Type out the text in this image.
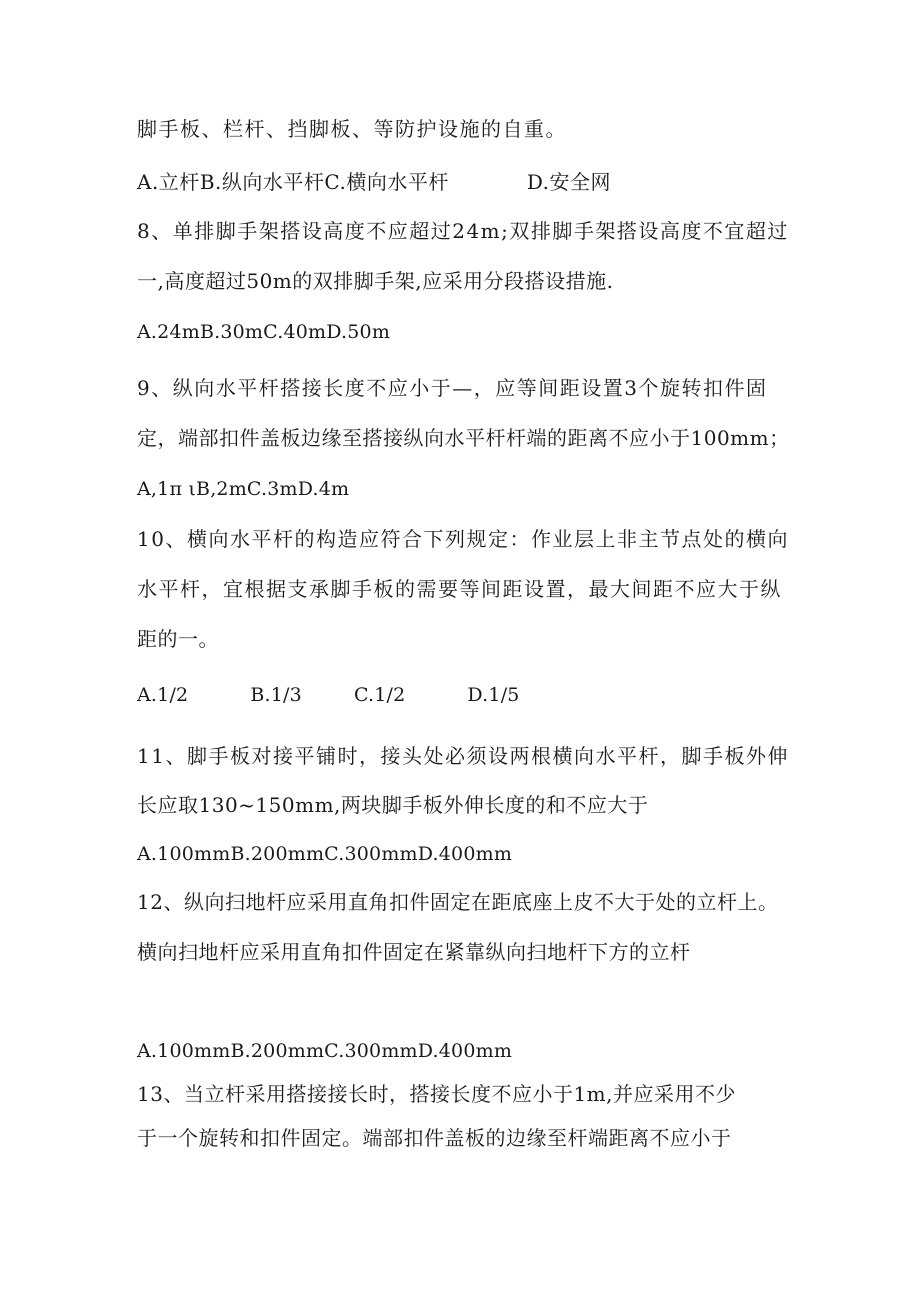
脚手板、栏杆、挡脚板、等防护设施的自重。
A.立杆B.纵向水平杆C.横向水平杆	D.安全网
8、单排脚手架搭设高度不应超过24m;双排脚手架搭设高度不宜超过
一,高度超过50m的双排脚手架,应采用分段搭设措施.
A.24mB.30mC.40mD.50m
9、纵向水平杆搭接长度不应小于—，应等间距设置3个旋转扣件固
定，端部扣件盖板边缘至搭接纵向水平杆杆端的距离不应小于100mm；
A,1π ιB,2mC.3mD.4m
10、横向水平杆的构造应符合下列规定：作业层上非主节点处的横向
水平杆，宜根据支承脚手板的需要等间距设置，最大间距不应大于纵
距的一。
A.1/2	B.1/3	C.1/2	D.1/5
11、脚手板对接平铺时，接头处必须设两根横向水平杆，脚手板外伸
长应取130~150mm,两块脚手板外伸长度的和不应大于
A.100mmB.200mmC.300mmD.400mm
12、纵向扫地杆应采用直角扣件固定在距底座上皮不大于处的立杆上。
横向扫地杆应采用直角扣件固定在紧靠纵向扫地杆下方的立杆
A.100mmB.200mmC.300mmD.400mm
13、当立杆采用搭接接长时，搭接长度不应小于1m,并应采用不少
于一个旋转和扣件固定。端部扣件盖板的边缘至杆端距离不应小于
